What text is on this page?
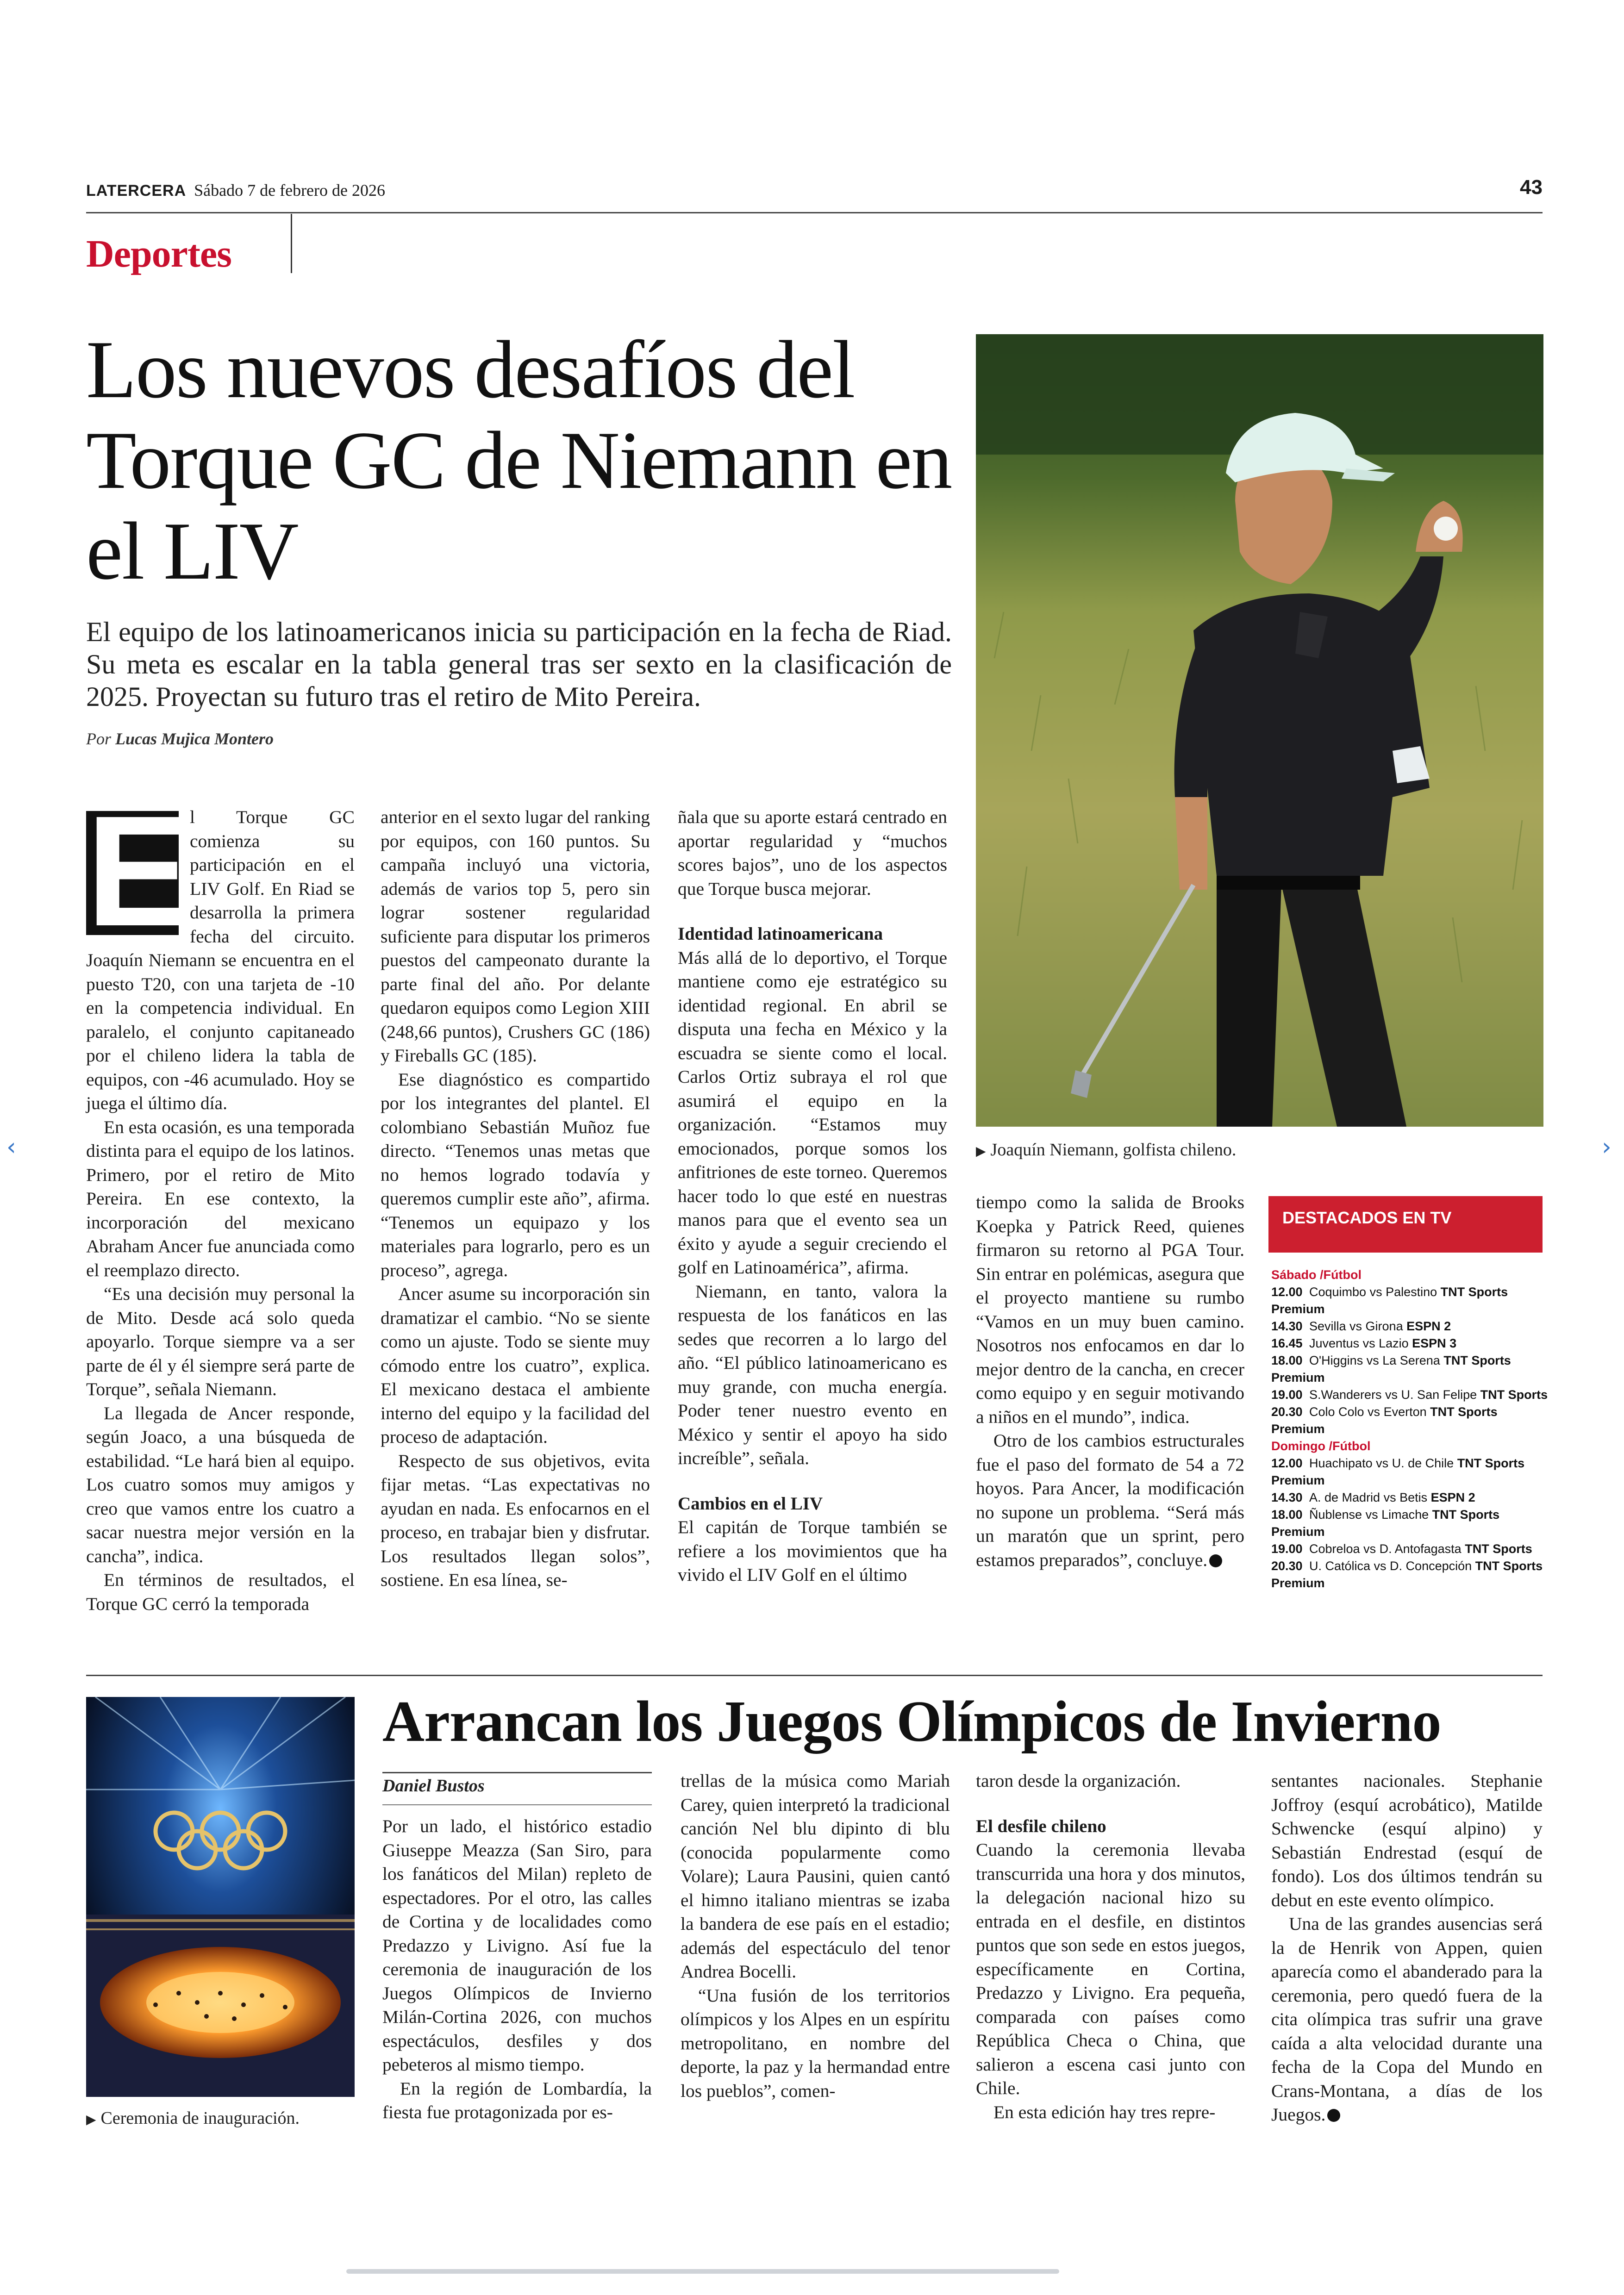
LATERCERA Sábado 7 de febrero de 2026	43
Deportes
Los nuevos desafíos del Torque GC de Niemann en el LIV

El equipo de los latinoamericanos inicia su participación en la fecha de Riad. Su meta es escalar en la tabla general tras ser sexto en la clasificación de 2025. Proyectan su futuro tras el retiro de Mito Pereira.

Por Lucas Mujica Montero
▶ Joaquín Niemann, golfista chileno.
E

l Torque GC comienza su participación en el LIV Golf. En Riad se desarrolla la primera fecha del circuito. Joaquín Niemann se encuentra en el puesto T20, con una tarjeta de -10 en la competencia individual. En paralelo, el conjunto capitaneado por el chileno lidera la tabla de equipos, con -46 acumulado. Hoy se juega el último día.

En esta ocasión, es una temporada distinta para el equipo de los latinos. Primero, por el retiro de Mito Pereira. En ese contexto, la incorporación del mexicano Abraham Ancer fue anunciada como el reemplazo directo.

“Es una decisión muy personal la de Mito. Desde acá solo queda apoyarlo. Torque siempre va a ser parte de él y él siempre será parte de Torque”, señala Niemann.

La llegada de Ancer responde, según Joaco, a una búsqueda de estabilidad. “Le hará bien al equipo. Los cuatro somos muy amigos y creo que vamos entre los cuatro a sacar nuestra mejor versión en la cancha”, indica.

En términos de resultados, el Torque GC cerró la temporada

anterior en el sexto lugar del ranking por equipos, con 160 puntos. Su campaña incluyó una victoria, además de varios top 5, pero sin lograr sostener regularidad suficiente para disputar los primeros puestos del campeonato durante la parte final del año. Por delante quedaron equipos como Legion XIII (248,66 puntos), Crushers GC (186) y Fireballs GC (185).

Ese diagnóstico es compartido por los integrantes del plantel. El colombiano Sebastián Muñoz fue directo. “Tenemos unas metas que no hemos logrado todavía y queremos cumplir este año”, afirma. “Tenemos un equipazo y los materiales para lograrlo, pero es un proceso”, agrega.

Ancer asume su incorporación sin dramatizar el cambio. “No se siente como un ajuste. Todo se siente muy cómodo entre los cuatro”, explica. El mexicano destaca el ambiente interno del equipo y la facilidad del proceso de adaptación.

Respecto de sus objetivos, evita fijar metas. “Las expectativas no ayudan en nada. Es enfocarnos en el proceso, en trabajar bien y disfrutar. Los resultados llegan solos”, sostiene. En esa línea, se-

ñala que su aporte estará centrado en aportar regularidad y “muchos scores bajos”, uno de los aspectos que Torque busca mejorar.

Identidad latinoamericana

Más allá de lo deportivo, el Torque mantiene como eje estratégico su identidad regional. En abril se disputa una fecha en México y la escuadra se siente como el local. Carlos Ortiz subraya el rol que asumirá el equipo en la organización. “Estamos muy emocionados, porque somos los anfitriones de este torneo. Queremos hacer todo lo que esté en nuestras manos para que el evento sea un éxito y ayude a seguir creciendo el golf en Latinoamérica”, afirma.

Niemann, en tanto, valora la respuesta de los fanáticos en las sedes que recorren a lo largo del año. “El público latinoamericano es muy grande, con mucha energía. Poder tener nuestro evento en México y sentir el apoyo ha sido increíble”, señala.

Cambios en el LIV

El capitán de Torque también se refiere a los movimientos que ha vivido el LIV Golf en el último

tiempo como la salida de Brooks Koepka y Patrick Reed, quienes firmaron su retorno al PGA Tour. Sin entrar en polémicas, asegura que el proyecto mantiene su rumbo “Vamos en un muy buen camino. Nosotros nos enfocamos en dar lo mejor dentro de la cancha, en crecer como equipo y en seguir motivando a niños en el mundo”, indica.

Otro de los cambios estructurales fue el paso del formato de 54 a 72 hoyos. Para Ancer, la modificación no supone un problema. “Será más un maratón que un sprint, pero estamos preparados”, concluye.

DESTACADOS EN TV
Sábado /Fútbol
12.00 Coquimbo vs Palestino TNT Sports
Premium
14.30 Sevilla vs Girona ESPN 2
16.45 Juventus vs Lazio ESPN 3
18.00 O'Higgins vs La Serena TNT Sports
Premium
19.00 S.Wanderers vs U. San Felipe TNT Sports
20.30 Colo Colo vs Everton TNT Sports
Premium
Domingo /Fútbol
12.00 Huachipato vs U. de Chile TNT Sports
Premium
14.30 A. de Madrid vs Betis ESPN 2
18.00 Ñublense vs Limache TNT Sports
Premium
19.00 Cobreloa vs D. Antofagasta TNT Sports
20.30 U. Católica vs D. Concepción TNT Sports
Premium
▶ Ceremonia de inauguración.
Arrancan los Juegos Olímpicos de Invierno
Daniel Bustos

Por un lado, el histórico estadio Giuseppe Meazza (San Siro, para los fanáticos del Milan) repleto de espectadores. Por el otro, las calles de Cortina y de localidades como Predazzo y Livigno. Así fue la ceremonia de inauguración de los Juegos Olímpicos de Invierno Milán-Cortina 2026, con muchos espectáculos, desfiles y dos pebeteros al mismo tiempo.

En la región de Lombardía, la fiesta fue protagonizada por es-

trellas de la música como Mariah Carey, quien interpretó la tradicional canción Nel blu dipinto di blu (conocida popularmente como Volare); Laura Pausini, quien cantó el himno italiano mientras se izaba la bandera de ese país en el estadio; además del espectáculo del tenor Andrea Bocelli.

“Una fusión de los territorios olímpicos y los Alpes en un espíritu metropolitano, en nombre del deporte, la paz y la hermandad entre los pueblos”, comen-

taron desde la organización.

El desfile chileno

Cuando la ceremonia llevaba transcurrida una hora y dos minutos, la delegación nacional hizo su entrada en el desfile, en distintos puntos que son sede en estos juegos, específicamente en Cortina, Predazzo y Livigno. Era pequeña, comparada con países como República Checa o China, que salieron a escena casi junto con Chile.

En esta edición hay tres repre-

sentantes nacionales. Stephanie Joffroy (esquí acrobático), Matilde Schwencke (esquí alpino) y Sebastián Endrestad (esquí de fondo). Los dos últimos tendrán su debut en este evento olímpico.

Una de las grandes ausencias será la de Henrik von Appen, quien aparecía como el abanderado para la ceremonia, pero quedó fuera de la cita olímpica tras sufrir una grave caída a alta velocidad durante una fecha de la Copa del Mundo en Crans-Montana, a días de los Juegos.

‹	›
